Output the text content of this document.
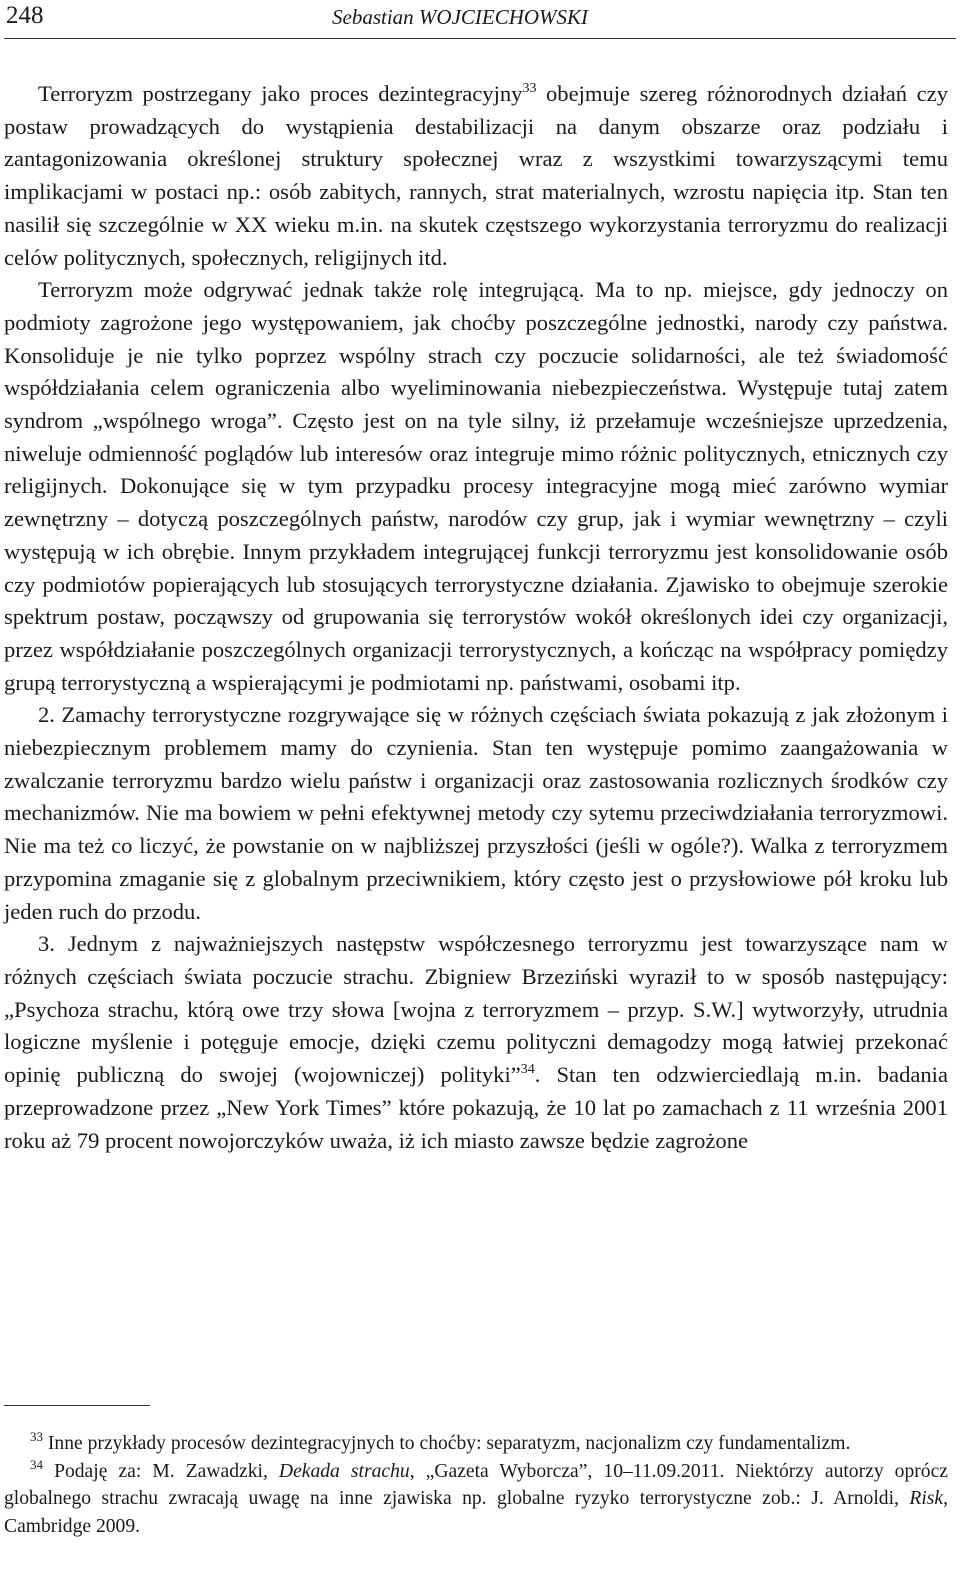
248	Sebastian WOJCIECHOWSKI

Terroryzm postrzegany jako proces dezintegracyjny$^{33}$ obejmuje szereg różnorodnych działań czy postaw prowadzących do wystąpienia destabilizacji na danym obszarze oraz podziału i zantagonizowania określonej struktury społecznej wraz z wszystkimi towarzyszącymi temu implikacjami w postaci np.: osób zabitych, rannych, strat materialnych, wzrostu napięcia itp. Stan ten nasilił się szczególnie w XX wieku m.in. na skutek częstszego wykorzystania terroryzmu do realizacji celów politycznych, społecznych, religijnych itd.

Terroryzm może odgrywać jednak także rolę integrującą. Ma to np. miejsce, gdy jednoczy on podmioty zagrożone jego występowaniem, jak choćby poszczególne jednostki, narody czy państwa. Konsoliduje je nie tylko poprzez wspólny strach czy poczucie solidarności, ale też świadomość współdziałania celem ograniczenia albo wyeliminowania niebezpieczeństwa. Występuje tutaj zatem syndrom „wspólnego wroga”. Często jest on na tyle silny, iż przełamuje wcześniejsze uprzedzenia, niweluje odmienność poglądów lub interesów oraz integruje mimo różnic politycznych, etnicznych czy religijnych. Dokonujące się w tym przypadku procesy integracyjne mogą mieć zarówno wymiar zewnętrzny – dotyczą poszczególnych państw, narodów czy grup, jak i wymiar wewnętrzny – czyli występują w ich obrębie. Innym przykładem integrującej funkcji terroryzmu jest konsolidowanie osób czy podmiotów popierających lub stosujących terrorystyczne działania. Zjawisko to obejmuje szerokie spektrum postaw, począwszy od grupowania się terrorystów wokół określonych idei czy organizacji, przez współdziałanie poszczególnych organizacji terrorystycznych, a kończąc na współpracy pomiędzy grupą terrorystyczną a wspierającymi je podmiotami np. państwami, osobami itp.

2. Zamachy terrorystyczne rozgrywające się w różnych częściach świata pokazują z jak złożonym i niebezpiecznym problemem mamy do czynienia. Stan ten występuje pomimo zaangażowania w zwalczanie terroryzmu bardzo wielu państw i organizacji oraz zastosowania rozlicznych środków czy mechanizmów. Nie ma bowiem w pełni efektywnej metody czy sytemu przeciwdziałania terroryzmowi. Nie ma też co liczyć, że powstanie on w najbliższej przyszłości (jeśli w ogóle?). Walka z terroryzmem przypomina zmaganie się z globalnym przeciwnikiem, który często jest o przysłowiowe pół kroku lub jeden ruch do przodu.

3. Jednym z najważniejszych następstw współczesnego terroryzmu jest towarzyszące nam w różnych częściach świata poczucie strachu. Zbigniew Brzeziński wyraził to w sposób następujący: „Psychoza strachu, którą owe trzy słowa [wojna z terroryzmem – przyp. S.W.] wytworzyły, utrudnia logiczne myślenie i potęguje emocje, dzięki czemu polityczni demagodzy mogą łatwiej przekonać opinię publiczną do swojej (wojowniczej) polityki”$^{34}$. Stan ten odzwierciedlają m.in. badania przeprowadzone przez „New York Times” które pokazują, że 10 lat po zamachach z 11 września 2001 roku aż 79 procent nowojorczyków uważa, iż ich miasto zawsze będzie zagrożone

$^{33}$ Inne przykłady procesów dezintegracyjnych to choćby: separatyzm, nacjonalizm czy fundamentalizm.

$^{34}$ Podaję za: M. Zawadzki, Dekada strachu, „Gazeta Wyborcza”, 10–11.09.2011. Niektórzy autorzy oprócz globalnego strachu zwracają uwagę na inne zjawiska np. globalne ryzyko terrorystyczne zob.: J. Arnoldi, Risk, Cambridge 2009.
